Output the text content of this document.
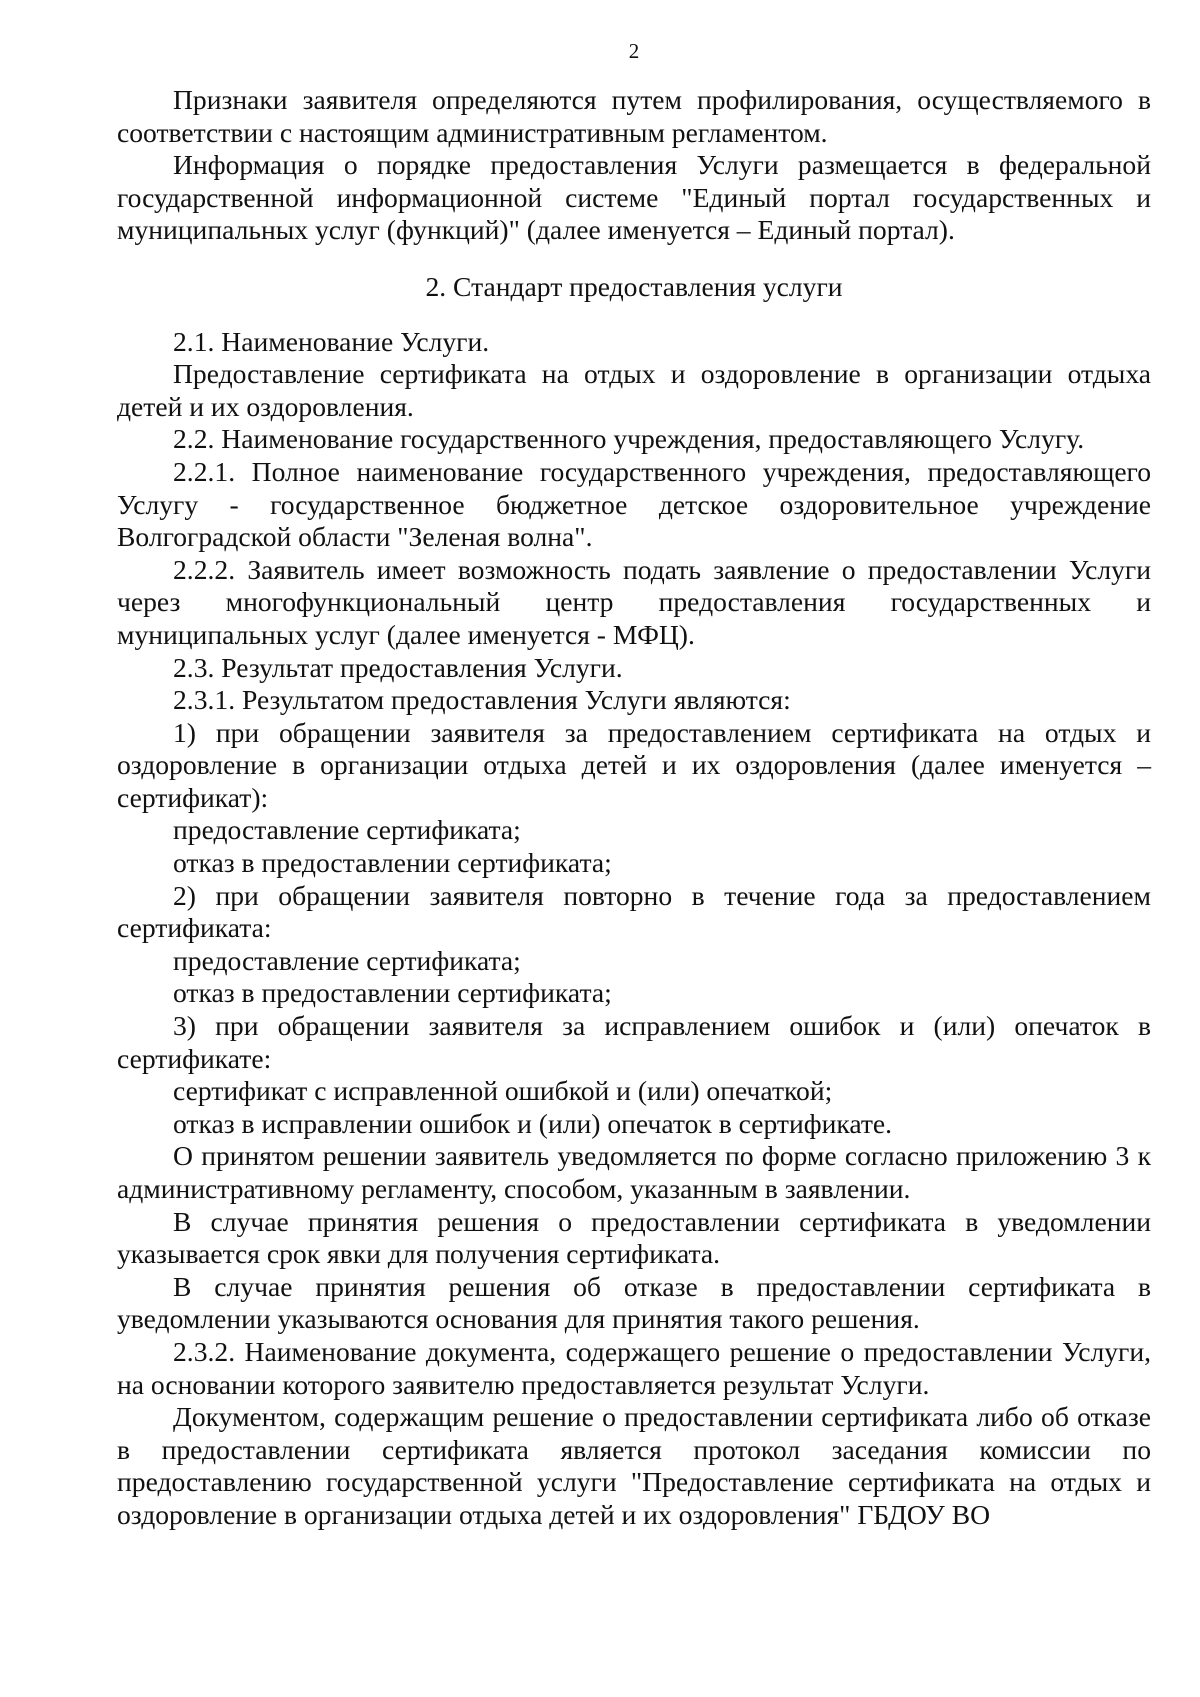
2

Признаки заявителя определяются путем профилирования, осуществляемого в соответствии с настоящим административным регламентом.

Информация о порядке предоставления Услуги размещается в федеральной государственной информационной системе "Единый портал государственных и муниципальных услуг (функций)" (далее именуется – Единый портал).

2. Стандарт предоставления услуги

2.1. Наименование Услуги.

Предоставление сертификата на отдых и оздоровление в организации отдыха детей и их оздоровления.

2.2. Наименование государственного учреждения, предоставляющего Услугу.

2.2.1. Полное наименование государственного учреждения, предоставляющего Услугу - государственное бюджетное детское оздоровительное учреждение Волгоградской области "Зеленая волна".

2.2.2. Заявитель имеет возможность подать заявление о предоставлении Услуги через многофункциональный центр предоставления государственных и муниципальных услуг (далее именуется - МФЦ).

2.3. Результат предоставления Услуги.

2.3.1. Результатом предоставления Услуги являются:

1) при обращении заявителя за предоставлением сертификата на отдых и оздоровление в организации отдыха детей и их оздоровления (далее именуется – сертификат):

предоставление сертификата;

отказ в предоставлении сертификата;

2) при обращении заявителя повторно в течение года за предоставлением сертификата:

предоставление сертификата;

отказ в предоставлении сертификата;

3) при обращении заявителя за исправлением ошибок и (или) опечаток в сертификате:

сертификат с исправленной ошибкой и (или) опечаткой;

отказ в исправлении ошибок и (или) опечаток в сертификате.

О принятом решении заявитель уведомляется по форме согласно приложению 3 к административному регламенту, способом, указанным в заявлении.

В случае принятия решения о предоставлении сертификата в уведомлении указывается срок явки для получения сертификата.

В случае принятия решения об отказе в предоставлении сертификата в уведомлении указываются основания для принятия такого решения.

2.3.2. Наименование документа, содержащего решение о предоставлении Услуги, на основании которого заявителю предоставляется результат Услуги.

Документом, содержащим решение о предоставлении сертификата либо об отказе в предоставлении сертификата является протокол заседания комиссии по предоставлению государственной услуги "Предоставление сертификата на отдых и оздоровление в организации отдыха детей и их оздоровления" ГБДОУ ВО
